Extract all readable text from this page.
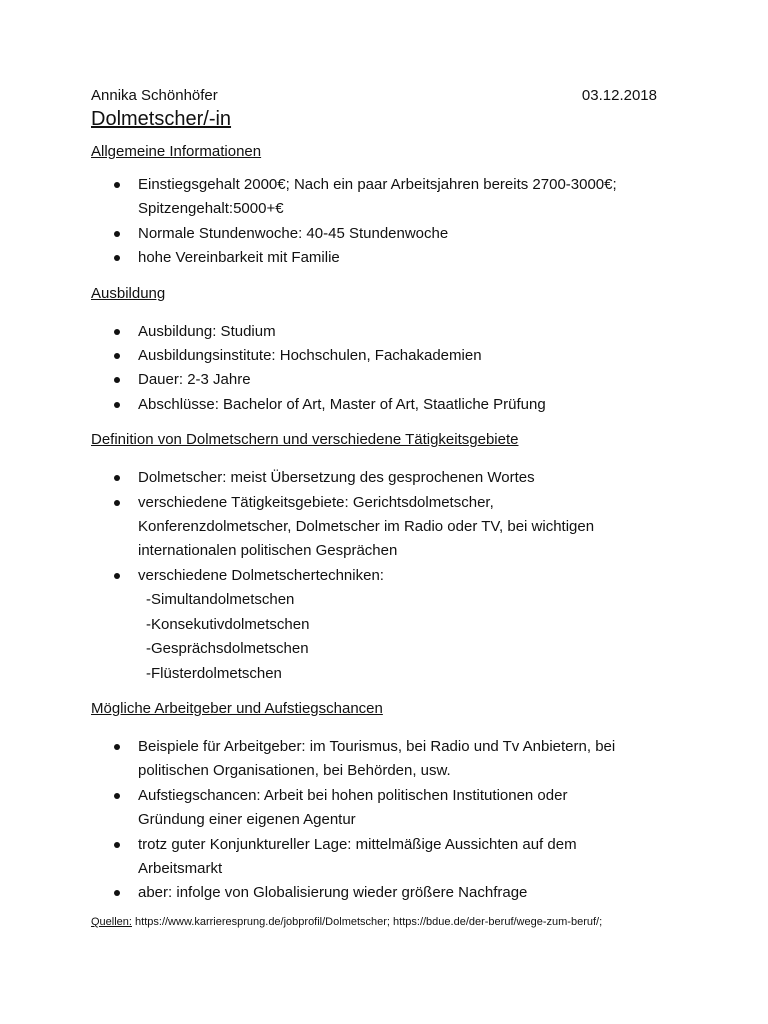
Annika Schönhöfer	03.12.2018
Dolmetscher/-in
Allgemeine Informationen
Einstiegsgehalt 2000€; Nach ein paar Arbeitsjahren bereits 2700-3000€;
Spitzengehalt:5000+€
Normale Stundenwoche: 40-45 Stundenwoche
hohe Vereinbarkeit mit Familie
Ausbildung
Ausbildung: Studium
Ausbildungsinstitute: Hochschulen, Fachakademien
Dauer: 2-3 Jahre
Abschlüsse: Bachelor of Art, Master of Art, Staatliche Prüfung
Definition von Dolmetschern und verschiedene Tätigkeitsgebiete
Dolmetscher: meist Übersetzung des gesprochenen Wortes
verschiedene Tätigkeitsgebiete: Gerichtsdolmetscher,
Konferenzdolmetscher, Dolmetscher im Radio oder TV, bei wichtigen
internationalen politischen Gesprächen
verschiedene Dolmetschertechniken:
-Simultandolmetschen
-Konsekutivdolmetschen
-Gesprächsdolmetschen
-Flüsterdolmetschen
Mögliche Arbeitgeber und Aufstiegschancen
Beispiele für Arbeitgeber: im Tourismus, bei Radio und Tv Anbietern, bei
politischen Organisationen, bei Behörden, usw.
Aufstiegschancen: Arbeit bei hohen politischen Institutionen oder
Gründung einer eigenen Agentur
trotz guter Konjunktureller Lage: mittelmäßige Aussichten auf dem
Arbeitsmarkt
aber: infolge von Globalisierung wieder größere Nachfrage
Quellen: https://www.karrieresprung.de/jobprofil/Dolmetscher; https://bdue.de/der-beruf/wege-zum-beruf/;
